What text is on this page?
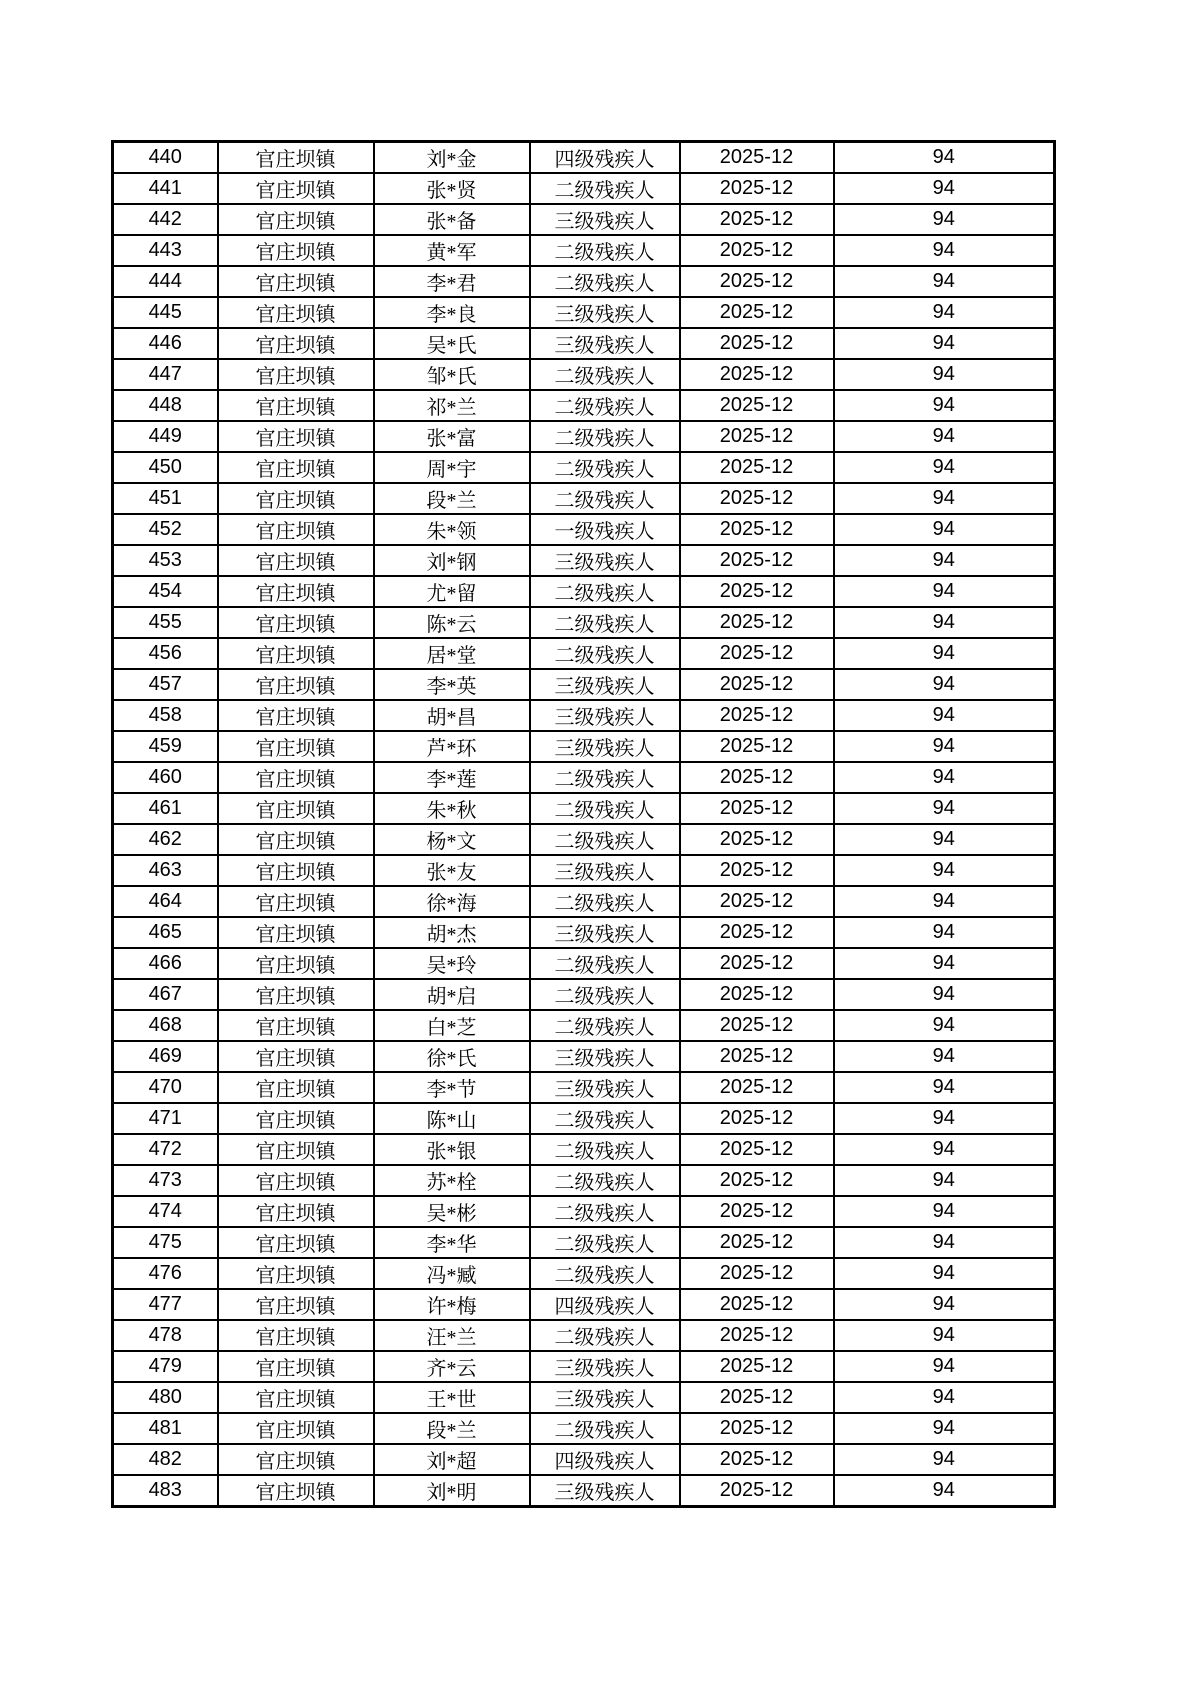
440	官庄坝镇	刘*金	四级残疾人	2025-12	94
441	官庄坝镇	张*贤	二级残疾人	2025-12	94
442	官庄坝镇	张*备	三级残疾人	2025-12	94
443	官庄坝镇	黄*军	二级残疾人	2025-12	94
444	官庄坝镇	李*君	二级残疾人	2025-12	94
445	官庄坝镇	李*良	三级残疾人	2025-12	94
446	官庄坝镇	吴*氏	三级残疾人	2025-12	94
447	官庄坝镇	邹*氏	二级残疾人	2025-12	94
448	官庄坝镇	祁*兰	二级残疾人	2025-12	94
449	官庄坝镇	张*富	二级残疾人	2025-12	94
450	官庄坝镇	周*宇	二级残疾人	2025-12	94
451	官庄坝镇	段*兰	二级残疾人	2025-12	94
452	官庄坝镇	朱*领	一级残疾人	2025-12	94
453	官庄坝镇	刘*钢	三级残疾人	2025-12	94
454	官庄坝镇	尤*留	二级残疾人	2025-12	94
455	官庄坝镇	陈*云	二级残疾人	2025-12	94
456	官庄坝镇	居*堂	二级残疾人	2025-12	94
457	官庄坝镇	李*英	三级残疾人	2025-12	94
458	官庄坝镇	胡*昌	三级残疾人	2025-12	94
459	官庄坝镇	芦*环	三级残疾人	2025-12	94
460	官庄坝镇	李*莲	二级残疾人	2025-12	94
461	官庄坝镇	朱*秋	二级残疾人	2025-12	94
462	官庄坝镇	杨*文	二级残疾人	2025-12	94
463	官庄坝镇	张*友	三级残疾人	2025-12	94
464	官庄坝镇	徐*海	二级残疾人	2025-12	94
465	官庄坝镇	胡*杰	三级残疾人	2025-12	94
466	官庄坝镇	吴*玲	二级残疾人	2025-12	94
467	官庄坝镇	胡*启	二级残疾人	2025-12	94
468	官庄坝镇	白*芝	二级残疾人	2025-12	94
469	官庄坝镇	徐*氏	三级残疾人	2025-12	94
470	官庄坝镇	李*节	三级残疾人	2025-12	94
471	官庄坝镇	陈*山	二级残疾人	2025-12	94
472	官庄坝镇	张*银	二级残疾人	2025-12	94
473	官庄坝镇	苏*栓	二级残疾人	2025-12	94
474	官庄坝镇	吴*彬	二级残疾人	2025-12	94
475	官庄坝镇	李*华	二级残疾人	2025-12	94
476	官庄坝镇	冯*臧	二级残疾人	2025-12	94
477	官庄坝镇	许*梅	四级残疾人	2025-12	94
478	官庄坝镇	汪*兰	二级残疾人	2025-12	94
479	官庄坝镇	齐*云	三级残疾人	2025-12	94
480	官庄坝镇	王*世	三级残疾人	2025-12	94
481	官庄坝镇	段*兰	二级残疾人	2025-12	94
482	官庄坝镇	刘*超	四级残疾人	2025-12	94
483	官庄坝镇	刘*明	三级残疾人	2025-12	94
